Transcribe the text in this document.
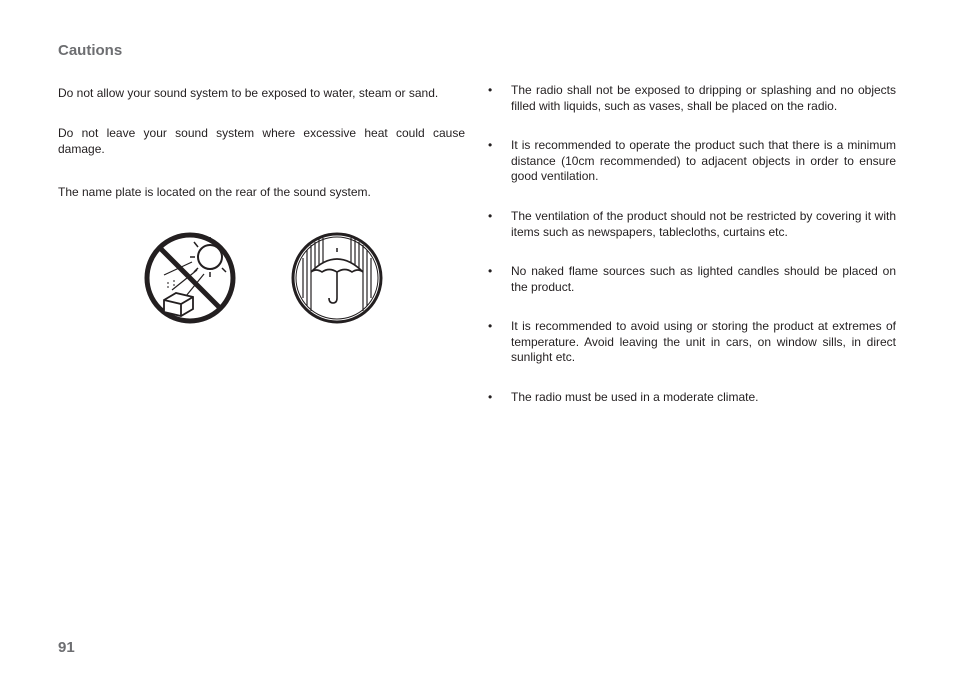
Cautions

Do not allow your sound system to be exposed to water, steam or sand.

Do not leave your sound system where excessive heat could cause damage.

The name plate is located on the rear of the sound system.

•	The radio shall not be exposed to dripping or splashing and no objects filled with liquids, such as vases, shall be placed on the radio.

•	It is recommended to operate the product such that there is a minimum distance (10cm recommended) to adjacent objects in order to ensure good ventilation.

•	The ventilation of the product should not be restricted by covering it with items such as newspapers, tablecloths, curtains etc.

•	No naked flame sources such as lighted candles should be placed on the product.

•	It is recommended to avoid using or storing the product at extremes of temperature. Avoid leaving the unit in cars, on window sills, in direct sunlight etc.

•	The radio must be used in a moderate climate.

91
